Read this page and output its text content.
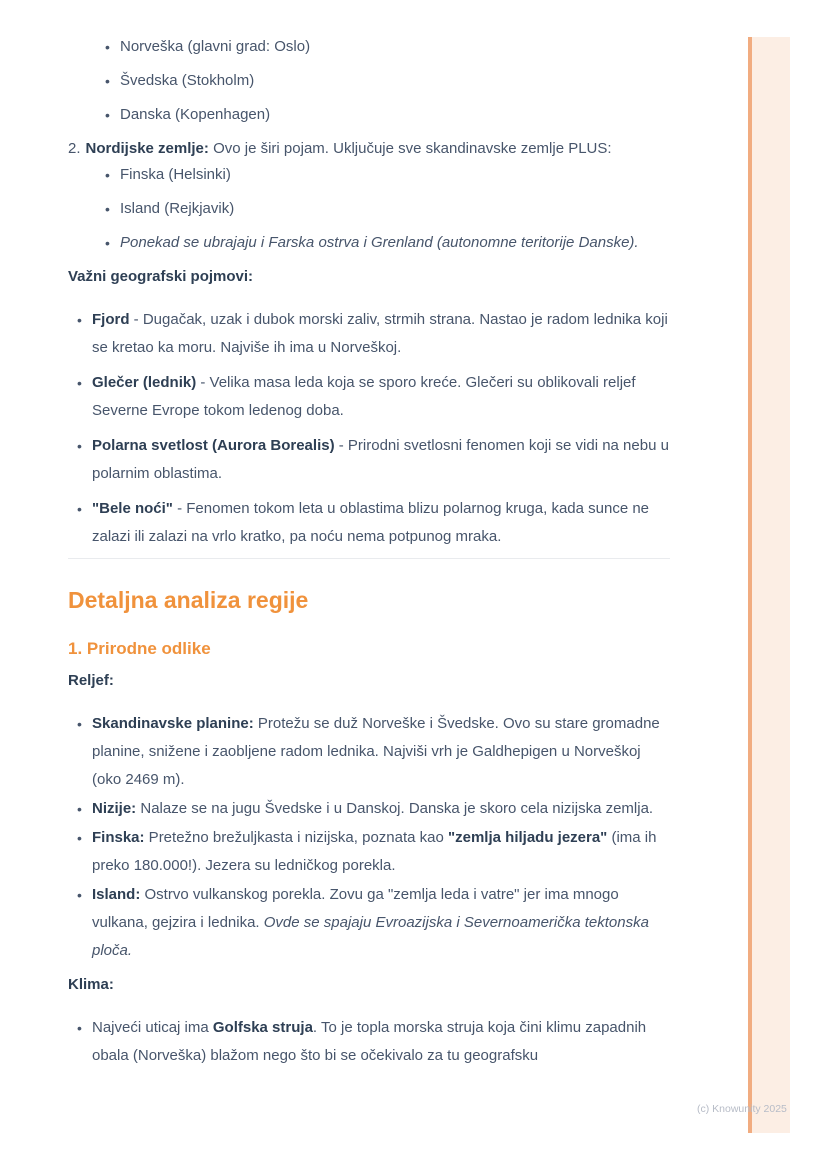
• Norveška (glavni grad: Oslo)
• Švedska (Stokholm)
• Danska (Kopenhagen)

2. Nordijske zemlje: Ovo je širi pojam. Uključuje sve skandinavske zemlje PLUS:

• Finska (Helsinki)
• Island (Rejkjavik)
• Ponekad se ubrajaju i Farska ostrva i Grenland (autonomne teritorije Danske).

Važni geografski pojmovi:

• Fjord - Dugačak, uzak i dubok morski zaliv, strmih strana. Nastao je radom lednika koji se kretao ka moru. Najviše ih ima u Norveškoj.
• Glečer (lednik) - Velika masa leda koja se sporo kreće. Glečeri su oblikovali reljef Severne Evrope tokom ledenog doba.
• Polarna svetlost (Aurora Borealis) - Prirodni svetlosni fenomen koji se vidi na nebu u polarnim oblastima.
• "Bele noći" - Fenomen tokom leta u oblastima blizu polarnog kruga, kada sunce ne zalazi ili zalazi na vrlo kratko, pa noću nema potpunog mraka.
Detaljna analiza regije
1. Prirodne odlike

Reljef:

• Skandinavske planine: Protežu se duž Norveške i Švedske. Ovo su stare gromadne planine, snižene i zaobljene radom lednika. Najviši vrh je Galdhepigen u Norveškoj (oko 2469 m).
• Nizije: Nalaze se na jugu Švedske i u Danskoj. Danska je skoro cela nizijska zemlja.
• Finska: Pretežno brežuljkasta i nizijska, poznata kao "zemlja hiljadu jezera" (ima ih preko 180.000!). Jezera su ledničkog porekla.
• Island: Ostrvo vulkanskog porekla. Zovu ga "zemlja leda i vatre" jer ima mnogo vulkana, gejzira i lednika. Ovde se spajaju Evroazijska i Severnoamerička tektonska ploča.

Klima:

• Najveći uticaj ima Golfska struja. To je topla morska struja koja čini klimu zapadnih obala (Norveška) blažom nego što bi se očekivalo za tu geografsku
(c) Knowunity 2025
